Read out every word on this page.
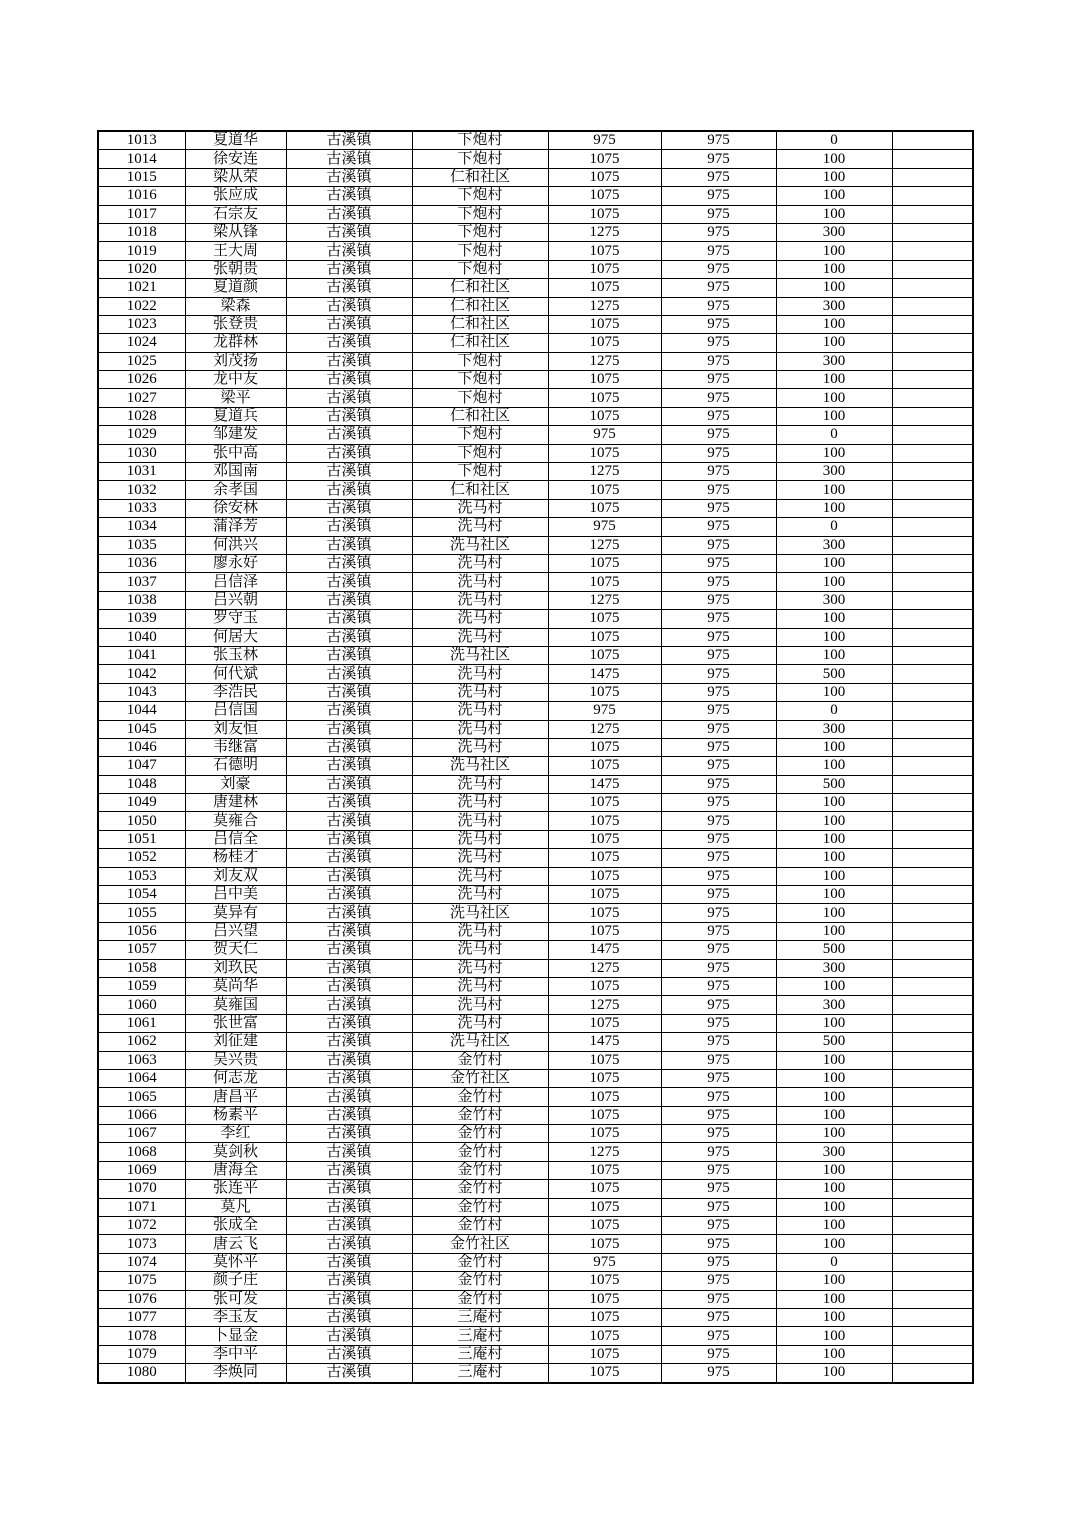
1013	夏道华	古溪镇	下炮村	975	975	0	
1014	徐安连	古溪镇	下炮村	1075	975	100	
1015	梁从荣	古溪镇	仁和社区	1075	975	100	
1016	张应成	古溪镇	下炮村	1075	975	100	
1017	石宗友	古溪镇	下炮村	1075	975	100	
1018	梁从锋	古溪镇	下炮村	1275	975	300	
1019	王大周	古溪镇	下炮村	1075	975	100	
1020	张朝贵	古溪镇	下炮村	1075	975	100	
1021	夏道颜	古溪镇	仁和社区	1075	975	100	
1022	梁森	古溪镇	仁和社区	1275	975	300	
1023	张登贵	古溪镇	仁和社区	1075	975	100	
1024	龙群林	古溪镇	仁和社区	1075	975	100	
1025	刘茂扬	古溪镇	下炮村	1275	975	300	
1026	龙中友	古溪镇	下炮村	1075	975	100	
1027	梁平	古溪镇	下炮村	1075	975	100	
1028	夏道兵	古溪镇	仁和社区	1075	975	100	
1029	邹建发	古溪镇	下炮村	975	975	0	
1030	张中高	古溪镇	下炮村	1075	975	100	
1031	邓国南	古溪镇	下炮村	1275	975	300	
1032	余孝国	古溪镇	仁和社区	1075	975	100	
1033	徐安林	古溪镇	洗马村	1075	975	100	
1034	蒲泽芳	古溪镇	洗马村	975	975	0	
1035	何洪兴	古溪镇	洗马社区	1275	975	300	
1036	廖永好	古溪镇	洗马村	1075	975	100	
1037	吕信泽	古溪镇	洗马村	1075	975	100	
1038	吕兴朝	古溪镇	洗马村	1275	975	300	
1039	罗守玉	古溪镇	洗马村	1075	975	100	
1040	何居大	古溪镇	洗马村	1075	975	100	
1041	张玉林	古溪镇	洗马社区	1075	975	100	
1042	何代斌	古溪镇	洗马村	1475	975	500	
1043	李浩民	古溪镇	洗马村	1075	975	100	
1044	吕信国	古溪镇	洗马村	975	975	0	
1045	刘友恒	古溪镇	洗马村	1275	975	300	
1046	韦继富	古溪镇	洗马村	1075	975	100	
1047	石德明	古溪镇	洗马社区	1075	975	100	
1048	刘豪	古溪镇	洗马村	1475	975	500	
1049	唐建林	古溪镇	洗马村	1075	975	100	
1050	莫雍合	古溪镇	洗马村	1075	975	100	
1051	吕信全	古溪镇	洗马村	1075	975	100	
1052	杨桂才	古溪镇	洗马村	1075	975	100	
1053	刘友双	古溪镇	洗马村	1075	975	100	
1054	吕中美	古溪镇	洗马村	1075	975	100	
1055	莫异有	古溪镇	洗马社区	1075	975	100	
1056	吕兴望	古溪镇	洗马村	1075	975	100	
1057	贺天仁	古溪镇	洗马村	1475	975	500	
1058	刘玖民	古溪镇	洗马村	1275	975	300	
1059	莫尚华	古溪镇	洗马村	1075	975	100	
1060	莫雍国	古溪镇	洗马村	1275	975	300	
1061	张世富	古溪镇	洗马村	1075	975	100	
1062	刘征建	古溪镇	洗马社区	1475	975	500	
1063	吴兴贵	古溪镇	金竹村	1075	975	100	
1064	何志龙	古溪镇	金竹社区	1075	975	100	
1065	唐昌平	古溪镇	金竹村	1075	975	100	
1066	杨素平	古溪镇	金竹村	1075	975	100	
1067	李红	古溪镇	金竹村	1075	975	100	
1068	莫剑秋	古溪镇	金竹村	1275	975	300	
1069	唐海全	古溪镇	金竹村	1075	975	100	
1070	张连平	古溪镇	金竹村	1075	975	100	
1071	莫凡	古溪镇	金竹村	1075	975	100	
1072	张成全	古溪镇	金竹村	1075	975	100	
1073	唐云飞	古溪镇	金竹社区	1075	975	100	
1074	莫怀平	古溪镇	金竹村	975	975	0	
1075	颜子庄	古溪镇	金竹村	1075	975	100	
1076	张可发	古溪镇	金竹村	1075	975	100	
1077	李玉友	古溪镇	三庵村	1075	975	100	
1078	卜显金	古溪镇	三庵村	1075	975	100	
1079	李中平	古溪镇	三庵村	1075	975	100	
1080	李焕同	古溪镇	三庵村	1075	975	100	
